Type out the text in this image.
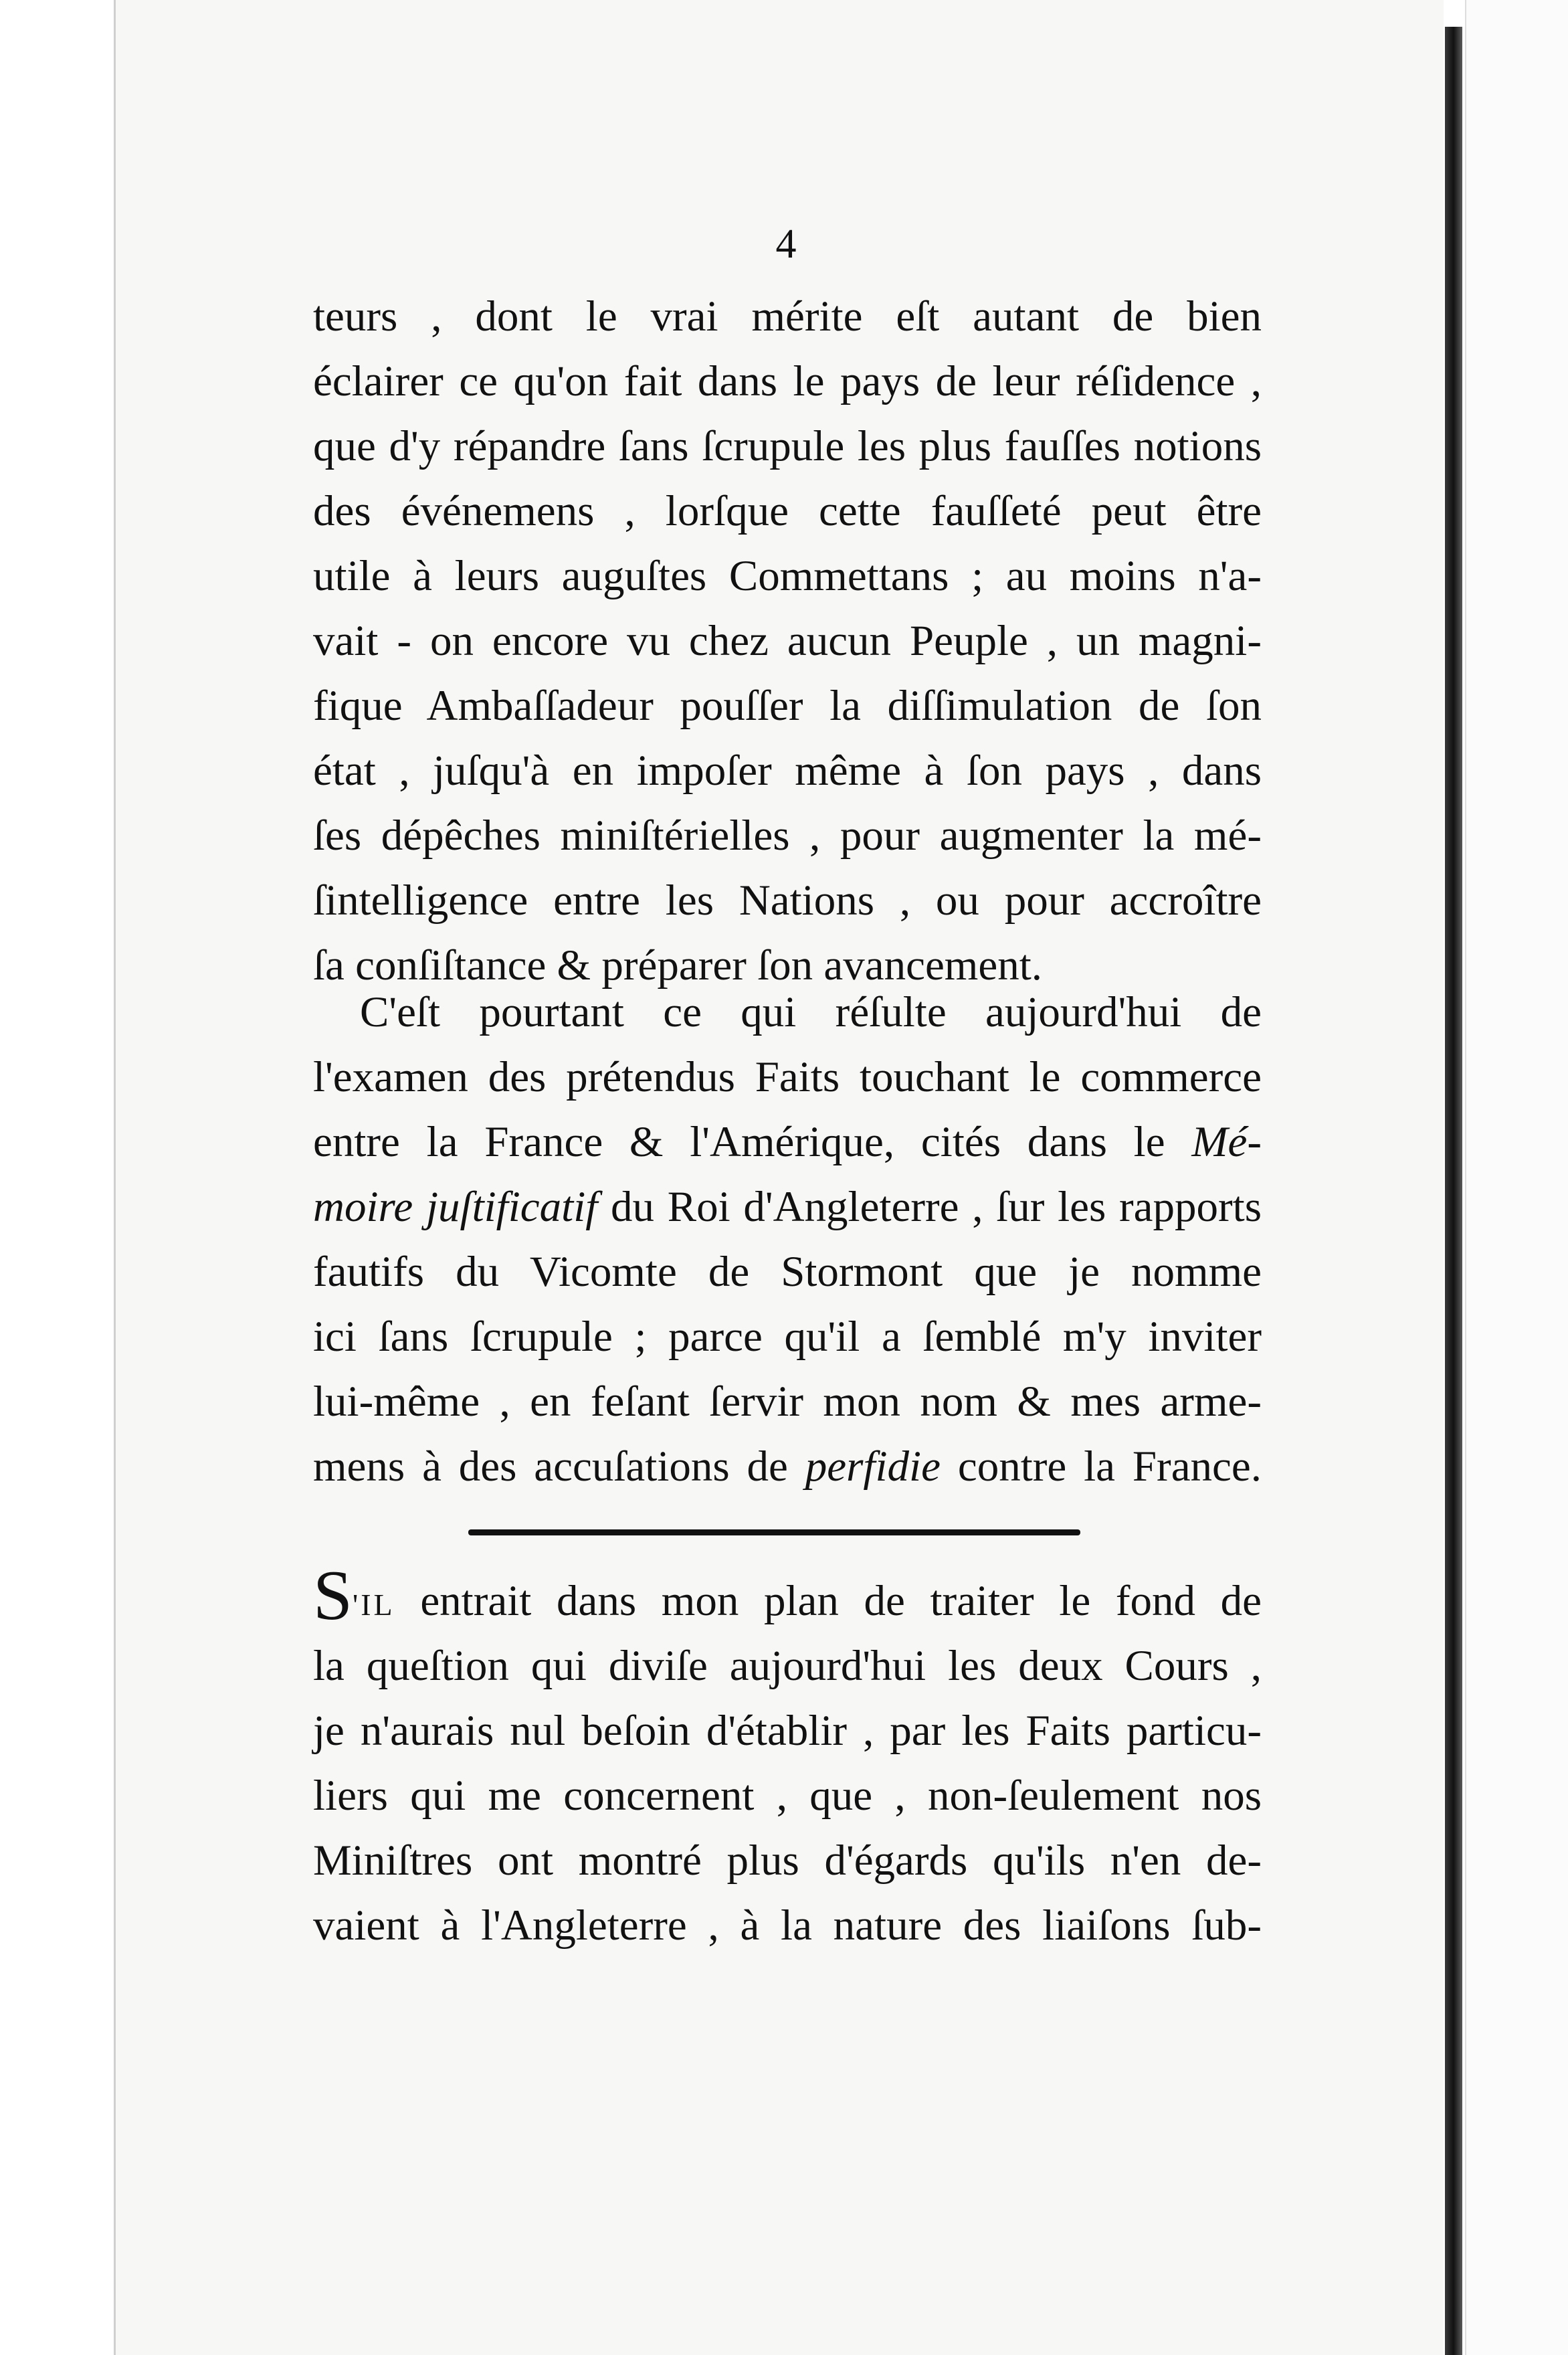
4
teurs , dont le vrai mérite eſt autant de bien
éclairer ce qu'on fait dans le pays de leur réſidence ,
que d'y répandre ſans ſcrupule les plus fauſſes notions
des événemens , lorſque cette fauſſeté peut être
utile à leurs auguſtes Commettans ; au moins n'a-
vait - on encore vu chez aucun Peuple , un magni-
fique Ambaſſadeur pouſſer la diſſimulation de ſon
état , juſqu'à en impoſer même à ſon pays , dans
ſes dépêches miniſtérielles , pour augmenter la mé-
ſintelligence entre les Nations , ou pour accroître
ſa conſiſtance & préparer ſon avancement.
C'eſt pourtant ce qui réſulte aujourd'hui de
l'examen des prétendus Faits touchant le commerce
entre la France & l'Amérique, cités dans le Mé-
moire juſtificatif du Roi d'Angleterre , ſur les rapports
fautifs du Vicomte de Stormont que je nomme
ici ſans ſcrupule ; parce qu'il a ſemblé m'y inviter
lui-même , en feſant ſervir mon nom & mes arme-
mens à des accuſations de perfidie contre la France.
S'IL entrait dans mon plan de traiter le fond de
la queſtion qui diviſe aujourd'hui les deux Cours ,
je n'aurais nul beſoin d'établir , par les Faits particu-
liers qui me concernent , que , non-ſeulement nos
Miniſtres ont montré plus d'égards qu'ils n'en de-
vaient à l'Angleterre , à la nature des liaiſons ſub-
